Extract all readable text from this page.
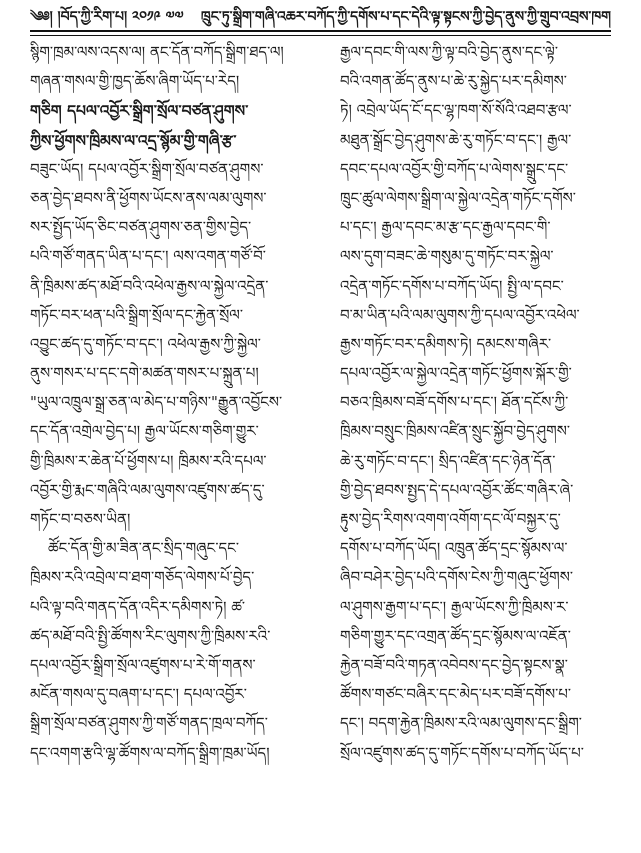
༄༅། །བོད་ཀྱི་རིག་པ། ༢༠༡༩ ༧༧ ཁྲུང་ཏུ་སྒྲིག་གཞི་འཆར་བཀོད་ཀྱི་དགོས་པ་དང་དེའི་ལྟ་སྟངས་ཀྱི་བྱེད་ནུས་ཀྱི་གྲུབ་འབྲས་ཁག
སྙིག་ཁྲམ་ལས་འདས་ལ། ནང་དོན་བཀོད་སྒྲིག་ཐད་ལ།
གཞན་གསལ་གྱི་ཁྱད་ཆོས་ཞིག་ཡོད་པ་རེད།
གཅིག དཔལ་འབྱོར་སྒྲིག་སྲོལ་བཙན་ཤུགས་
ཀྱིས་ཕྱོགས་ཁྲིམས་ལ་འདྲ་སྙོམ་གྱི་གཞི་རྩ་
བཟུང་ཡོད། དཔལ་འབྱོར་སྒྲིག་སྲོལ་བཙན་ཤུགས་
ཅན་བྱེད་ཐབས་ནི་ཕྱོགས་ཡོངས་ནས་ལམ་ལུགས་
སར་སྤྱོད་ཡོད་ཅིང་བཙན་ཤུགས་ཅན་གྱིས་བྱེད་
པའི་གཙོ་གནད་ཡིན་པ་དང་། ལས་འགན་གཙོ་བོ་
ནི་ཁྲིམས་ཚད་མཐོ་བའི་འཕེལ་རྒྱས་ལ་སྐྱེལ་འདྲེན་
གཏོང་བར་ཕན་པའི་སྒྲིག་སྲོལ་དང་རྐྱེན་སྲོལ་
འབྱུང་ཚད་དུ་གཏོང་བ་དང་། འཕེལ་རྒྱས་ཀྱི་སྐྱེལ་
ནུས་གསར་པ་དང་དགེ་མཚན་གསར་པ་སྐྲུན་པ།
"ཡུལ་འཁྲུལ་སྒྲ་ཅན་ལ་མེད་པ་གཉིས་"རྒྱུན་འབྱོངས་
དང་དོན་འགྲེལ་བྱེད་པ། རྒྱལ་ཡོངས་གཅིག་གྱུར་
གྱི་ཁྲིམས་ར་ཆེན་པོ་ཕྱོགས་པ། ཁྲིམས་རའི་དཔལ་
འབྱོར་གྱི་རྨང་གཞིའི་ལམ་ལུགས་འཛུགས་ཚད་དུ་
གཏོང་བ་བཅས་ཡིན།
ཚོང་དོན་གྱི་མ་ཟིན་ནང་སྲིད་གཞུང་དང་
ཁྲིམས་རའི་འབྲེལ་བ་ཐག་གཅོད་ལེགས་པོ་བྱེད་
པའི་ལྟ་བའི་གནད་དོན་འདིར་དམིགས་ཏེ། ཚ་
ཚད་མཐོ་བའི་སྤྱི་ཚོགས་རིང་ལུགས་ཀྱི་ཁྲིམས་རའི་
དཔལ་འབྱོར་སྒྲིག་སྲོལ་འཛུགས་པ་རེ་གོ་གནས་
མངོན་གསལ་དུ་བཞག་པ་དང་། དཔལ་འབྱོར་
སྒྲིག་སྲོལ་བཙན་ཤུགས་ཀྱི་གཙོ་གནད་ཁྲལ་བཀོད་
དང་འགག་རྩའི་ལྷ་ཚོགས་ལ་བཀོད་སྒྲིག་ཁྲམ་ཡོད།
རྒྱལ་དབང་གི་ལས་ཀྱི་ལྟ་བའི་བྱེད་ནུས་དང་ལྟེ་
བའི་འགན་ཚོད་ནུས་པ་ཆེ་རུ་སྐྱེད་པར་དམིགས་
ཏེ། འབྲེལ་ཡོད་ངོ་དང་ལྷ་ཁག་སོ་སོའི་འཐབ་རྩལ་
མཐུན་སྒྲོང་བྱེད་ཤུགས་ཆེ་རུ་གཏོང་བ་དང་། རྒྱལ་
དབང་དཔལ་འབྱོར་གྱི་བཀོད་པ་ལེགས་སྒྲུང་དང་
ཁྲུང་ཚུལ་ལེགས་སྒྲིག་ལ་སྐྱེལ་འདྲེན་གཏོང་དགོས་
པ་དང་། རྒྱལ་དབང་མ་རྩ་དང་རྒྱལ་དབང་གི་
ལས་དུག་བཟང་ཆེ་གསུམ་དུ་གཏོང་བར་སྐྱེལ་
འདྲེན་གཏོང་དགོས་པ་བཀོད་ཡོད། སྤྱི་ལ་དབང་
བ་མ་ཡིན་པའི་ལམ་ལུགས་ཀྱི་དཔལ་འབྱོར་འཕེལ་
རྒྱས་གཏོང་བར་དམིགས་ཏེ། དམངས་གཞིར་
དཔལ་འབྱོར་ལ་སྐྱེལ་འདྲེན་གཏོང་ཕྱོགས་སྐོར་གྱི་
བཅའ་ཁྲིམས་བཟོ་དགོས་པ་དང་། ཐོན་དངོས་ཀྱི་
ཁྲིམས་བསྲུང་ཁྲིམས་འཛིན་སྲུང་སྐྱོབ་བྱེད་ཤུགས་
ཆེ་རུ་གཏོང་བ་དང་། སྲིད་འཛིན་དང་ཉེན་དོན་
གྱི་བྱེད་ཐབས་སྤྱད་དེ་དཔལ་འབྱོར་ཚོང་གཞིར་ཞེ་
རྟུས་བྱེད་རིགས་འགག་འགོག་དང་ལོ་བསྐྱར་དུ་
དགོས་པ་བཀོད་ཡོད། འཁྲུན་ཚོད་དྲང་སྙོམས་ལ་
ཞིབ་བཤེར་བྱེད་པའི་དགོས་ངེས་ཀྱི་གཞུང་ཕྱོགས་
ལ་ཤུགས་རྒྱག་པ་དང་། རྒྱལ་ཡོངས་ཀྱི་ཁྲིམས་ར་
གཅིག་གྱུར་དང་འགྲན་ཚོད་དྲང་སྙོམས་ལ་འཇོན་
རྐྱེན་བཟོ་བའི་གཏན་འབེབས་དང་བྱེད་སྟངས་སྣ་
ཚོགས་གཙང་བཞིར་དང་མེད་པར་བཟོ་དགོས་པ་
དང་། བདག་རྐྱེན་ཁྲིམས་རའི་ལམ་ལུགས་དང་སྒྲིག་
སྲོལ་འཛུགས་ཚད་དུ་གཏོང་དགོས་པ་བཀོད་ཡོད་པ་
